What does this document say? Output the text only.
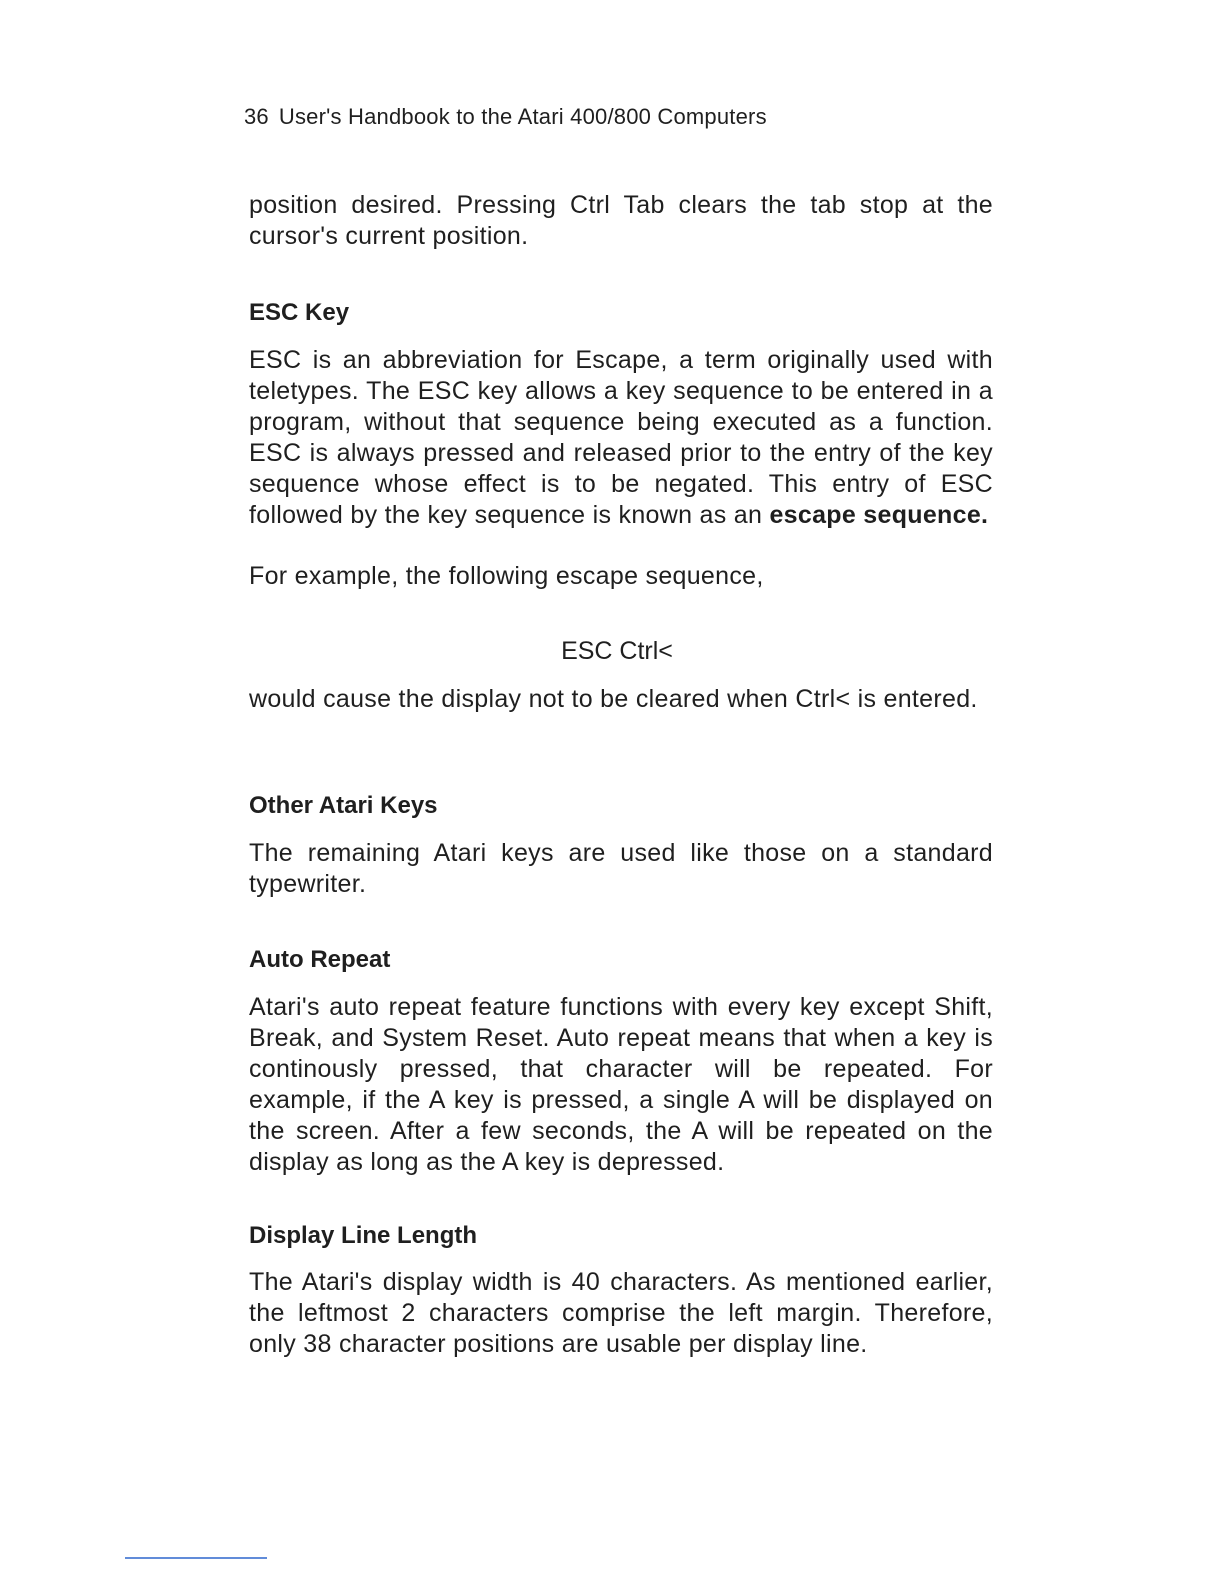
36 User's Handbook to the Atari 400/800 Computers

position desired. Pressing Ctrl Tab clears the tab stop at the cursor's current position.

ESC Key

ESC is an abbreviation for Escape, a term originally used with teletypes. The ESC key allows a key sequence to be entered in a program, without that sequence being executed as a function. ESC is always pressed and released prior to the entry of the key sequence whose effect is to be negated. This entry of ESC followed by the key sequence is known as an escape sequence.

For example, the following escape sequence,

ESC Ctrl<

would cause the display not to be cleared when Ctrl< is entered.

Other Atari Keys

The remaining Atari keys are used like those on a standard typewriter.

Auto Repeat

Atari's auto repeat feature functions with every key except Shift, Break, and System Reset. Auto repeat means that when a key is continously pressed, that character will be repeated. For example, if the A key is pressed, a single A will be displayed on the screen. After a few seconds, the A will be repeated on the display as long as the A key is depressed.

Display Line Length

The Atari's display width is 40 characters. As mentioned earlier, the leftmost 2 characters comprise the left margin. Therefore, only 38 character positions are usable per display line.
